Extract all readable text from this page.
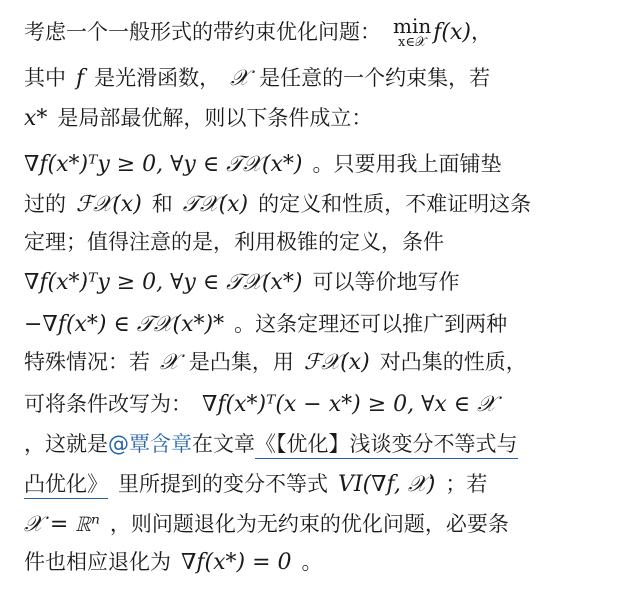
考虑一个一般形式的带约束优化问题： min
x∈𝒳 f(x)，
其中 f 是光滑函数， 𝒳 是任意的一个约束集，若
x* 是局部最优解，则以下条件成立：
∇f(x*)ᵀy ≥ 0, ∀y ∈ 𝒯𝒳(x*) 。只要用我上面铺垫
过的 ℱ𝒳(x) 和 𝒯𝒳(x) 的定义和性质，不难证明这条
定理；值得注意的是，利用极锥的定义，条件
∇f(x*)ᵀy ≥ 0, ∀y ∈ 𝒯𝒳(x*) 可以等价地写作
−∇f(x*) ∈ 𝒯𝒳(x*)* 。这条定理还可以推广到两种
特殊情况：若 𝒳 是凸集，用 ℱ𝒳(x) 对凸集的性质，
可将条件改写为： ∇f(x*)ᵀ(x − x*) ≥ 0, ∀x ∈ 𝒳
，这就是@覃含章在文章《【优化】浅谈变分不等式与
凸优化》 里所提到的变分不等式 VI(∇f, 𝒳) ；若
𝒳 = ℝⁿ ，则问题退化为无约束的优化问题，必要条
件也相应退化为 ∇f(x*) = 0 。
